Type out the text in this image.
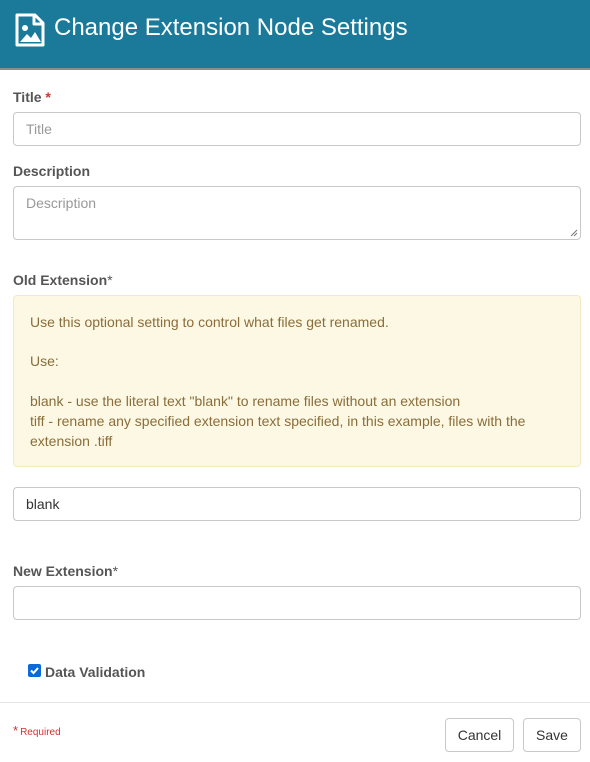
Change Extension Node Settings
Title *
Title
Description
Description
Old Extension*
Use this optional setting to control what files get renamed.
Use:
blank - use the literal text "blank" to rename files without an extension
tiff - rename any specified extension text specified, in this example, files with the
extension .tiff
blank
New Extension*
Data Validation
* Required	Cancel	Save
